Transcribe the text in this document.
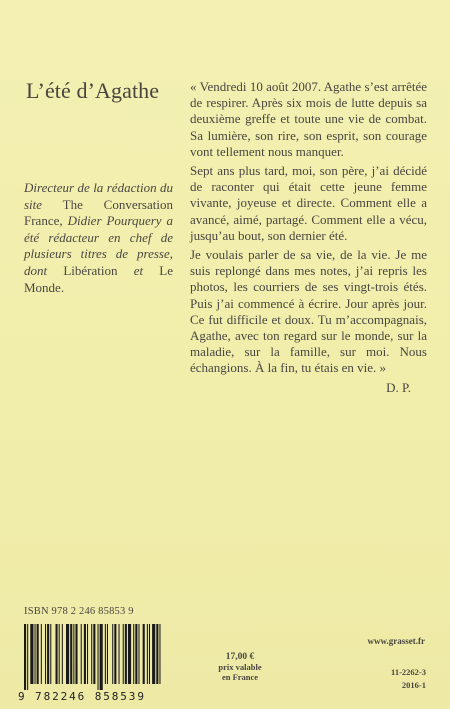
L’été d’Agathe
Directeur de la rédaction du site The Conversation France, Didier Pourquery a été rédacteur en chef de plusieurs titres de presse, dont Libération et Le Monde.

« Vendredi 10 août 2007. Agathe s’est arrêtée de respirer. Après six mois de lutte depuis sa deuxième greffe et toute une vie de combat. Sa lumière, son rire, son esprit, son courage vont tellement nous manquer.

Sept ans plus tard, moi, son père, j’ai décidé de raconter qui était cette jeune femme vivante, joyeuse et directe. Comment elle a avancé, aimé, partagé. Comment elle a vécu, jusqu’au bout, son dernier été.

Je voulais parler de sa vie, de la vie. Je me suis replongé dans mes notes, j’ai repris les photos, les courriers de ses vingt-trois étés. Puis j’ai commencé à écrire. Jour après jour. Ce fut difficile et doux. Tu m’accompagnais, Agathe, avec ton regard sur le monde, sur la maladie, sur la famille, sur moi. Nous échangions. À la fin, tu étais en vie. »

D. P.

ISBN 978 2 246 85853 9
9 782246 858539
17,00 €
prix valable
en France
www.grasset.fr
11-2262-3
2016-1
